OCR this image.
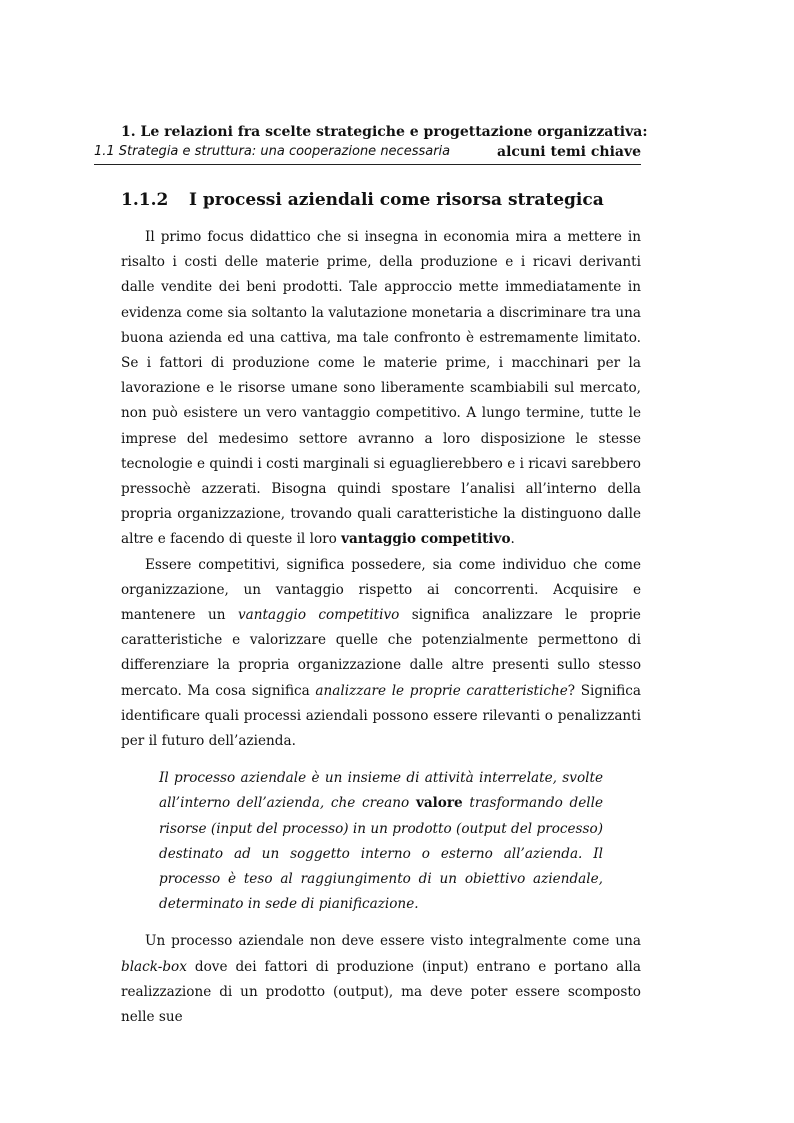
1. Le relazioni fra scelte strategiche e progettazione organizzativa:
1.1 Strategia e struttura: una cooperazione necessaria	alcuni temi chiave
1.1.2 I processi aziendali come risorsa strategica

Il primo focus didattico che si insegna in economia mira a mettere in risalto i costi delle materie prime, della produzione e i ricavi derivanti dalle vendite dei beni prodotti. Tale approccio mette immediatamente in evidenza come sia soltanto la valutazione monetaria a discriminare tra una buona azienda ed una cattiva, ma tale confronto è estremamente limitato. Se i fattori di produzione come le materie prime, i macchinari per la lavorazione e le risorse umane sono liberamente scambiabili sul mercato, non può esistere un vero vantaggio competitivo. A lungo termine, tutte le imprese del medesimo settore avranno a loro disposizione le stesse tecnologie e quindi i costi marginali si eguaglierebbero e i ricavi sarebbero pressochè azzerati. Bisogna quindi spostare l’analisi all’interno della propria organizzazione, trovando quali caratteristiche la distinguono dalle altre e facendo di queste il loro vantaggio competitivo.

Essere competitivi, significa possedere, sia come individuo che come organizzazione, un vantaggio rispetto ai concorrenti. Acquisire e mantenere un vantaggio competitivo significa analizzare le proprie caratteristiche e valorizzare quelle che potenzialmente permettono di differenziare la propria organizzazione dalle altre presenti sullo stesso mercato. Ma cosa significa analizzare le proprie caratteristiche? Significa identificare quali processi aziendali possono essere rilevanti o penalizzanti per il futuro dell’azienda.

Il processo aziendale è un insieme di attività interrelate, svolte all’interno dell’azienda, che creano valore trasformando delle risorse (input del processo) in un prodotto (output del processo) destinato ad un soggetto interno o esterno all’azienda. Il processo è teso al raggiungimento di un obiettivo aziendale, determinato in sede di pianificazione.

Un processo aziendale non deve essere visto integralmente come una black-box dove dei fattori di produzione (input) entrano e portano alla realizzazione di un prodotto (output), ma deve poter essere scomposto nelle sue
